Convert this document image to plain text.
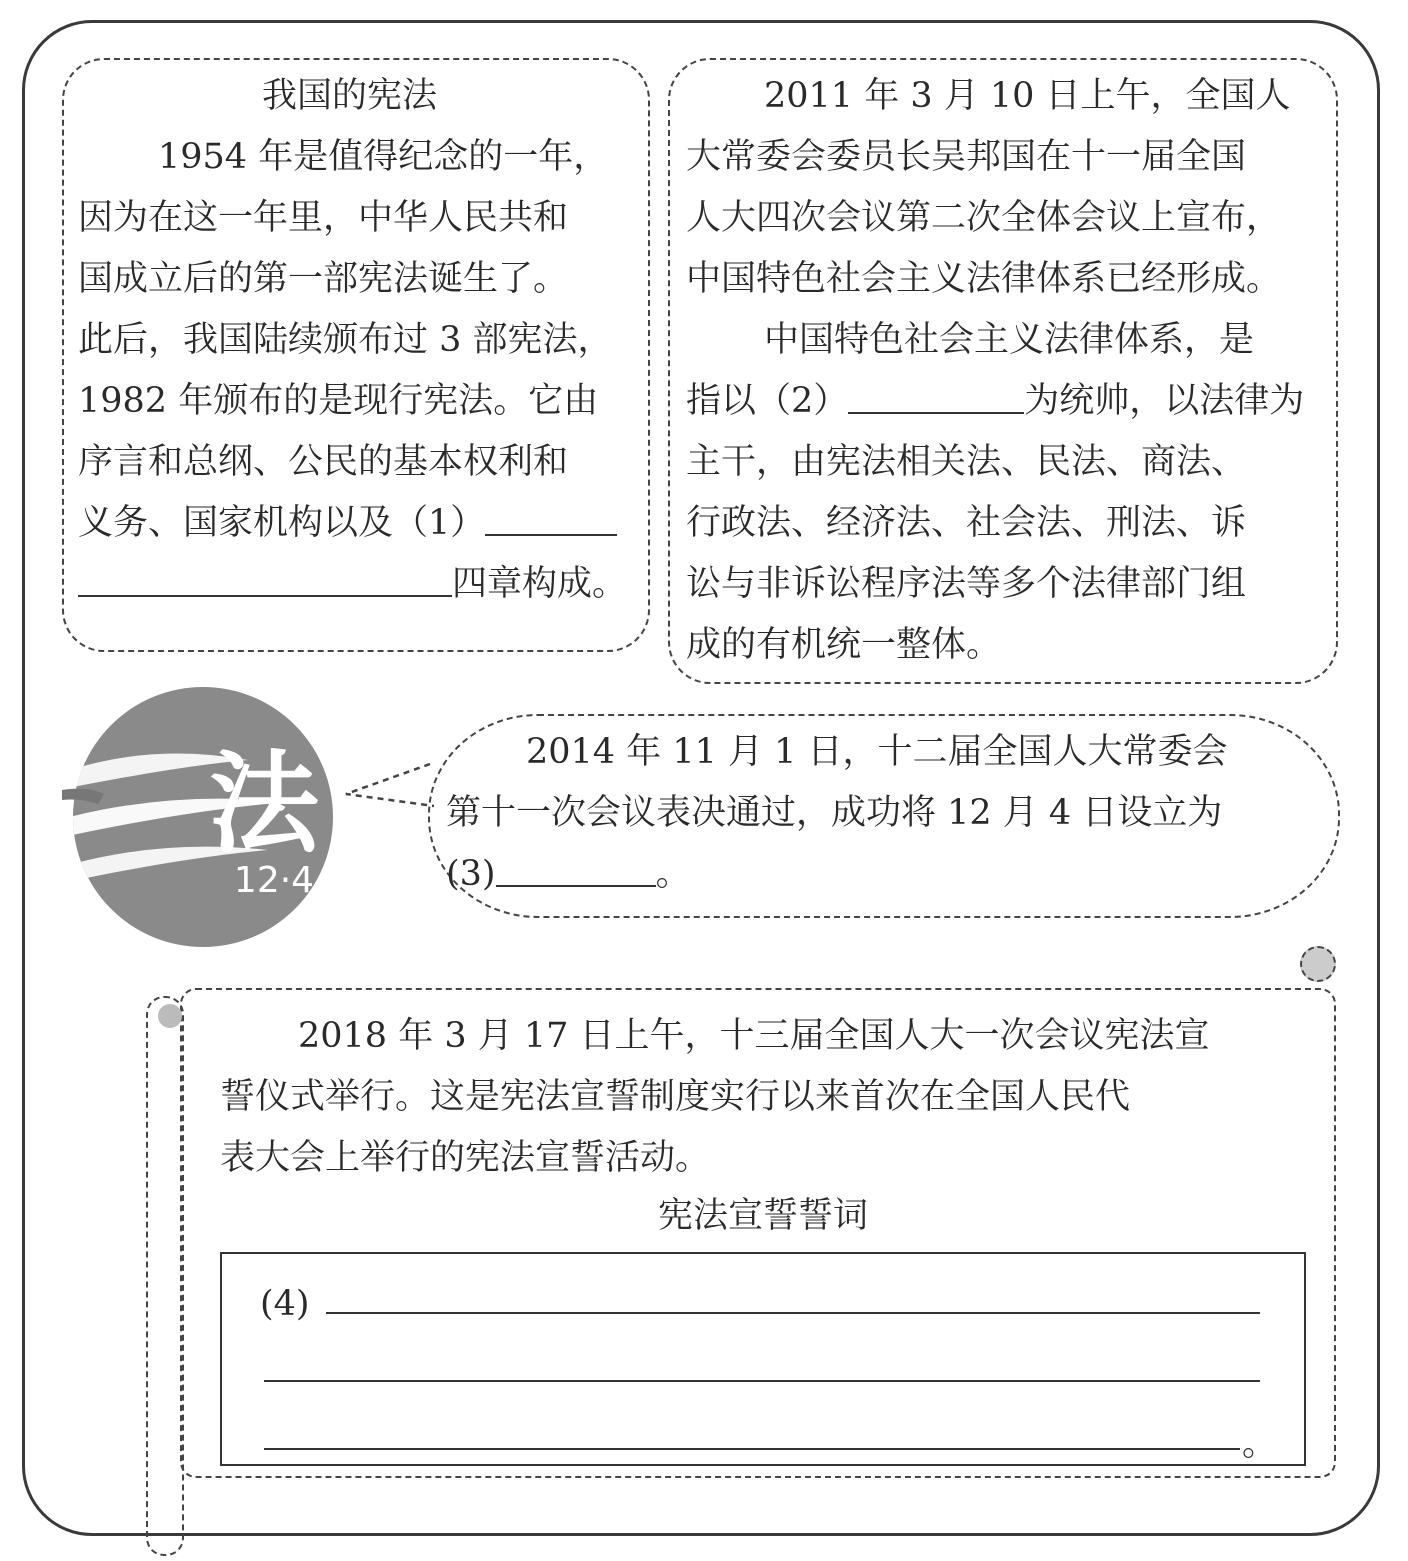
我国的宪法
1954 年是值得纪念的一年，
因为在这一年里，中华人民共和
国成立后的第一部宪法诞生了。
此后，我国陆续颁布过 3 部宪法，
1982 年颁布的是现行宪法。它由
序言和总纲、公民的基本权利和
义务、国家机构以及（1）
四章构成。
2011 年 3 月 10 日上午，全国人
大常委会委员长吴邦国在十一届全国
人大四次会议第二次全体会议上宣布，
中国特色社会主义法律体系已经形成。
中国特色社会主义法律体系，是
指以（2）	为统帅，以法律为
主干，由宪法相关法、民法、商法、
行政法、经济法、社会法、刑法、诉
讼与非诉讼程序法等多个法律部门组
成的有机统一整体。
法
12·4
2014 年 11 月 1 日，十二届全国人大常委会
第十一次会议表决通过，成功将 12 月 4 日设立为
(3)	。
2018 年 3 月 17 日上午，十三届全国人大一次会议宪法宣
誓仪式举行。这是宪法宣誓制度实行以来首次在全国人民代
表大会上举行的宪法宣誓活动。
宪法宣誓誓词
(4)
。
